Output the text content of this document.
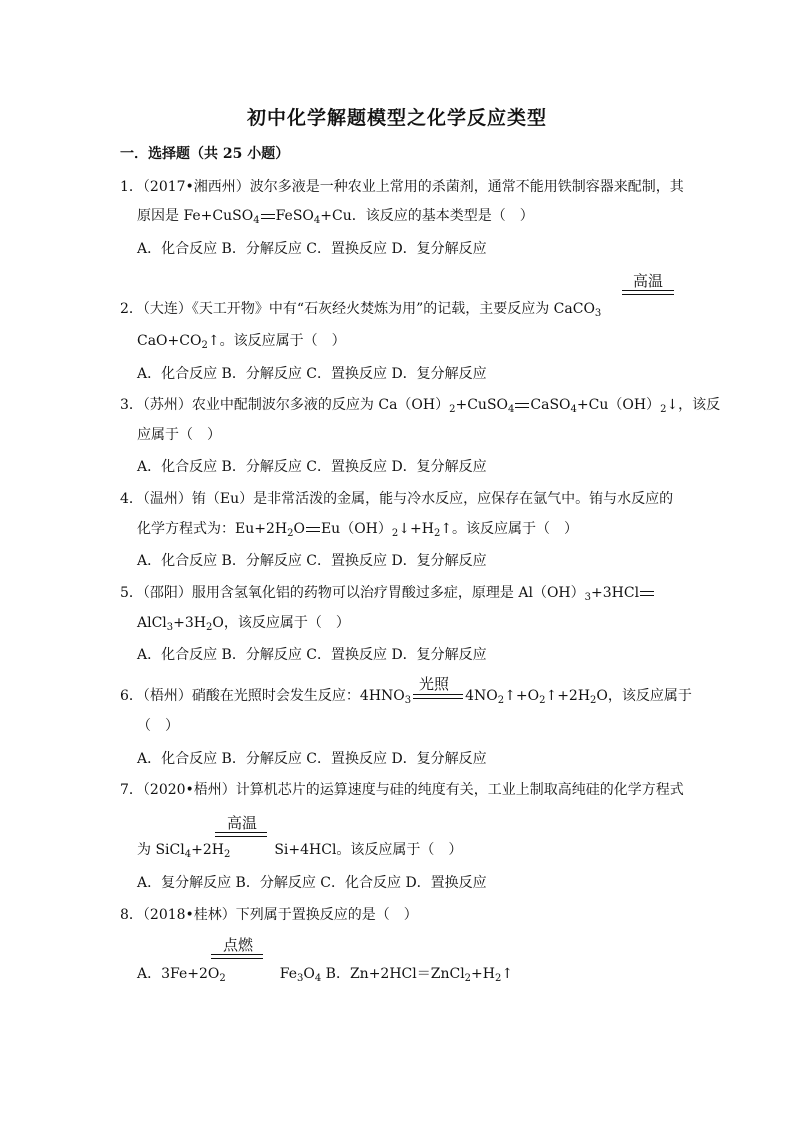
初中化学解题模型之化学反应类型
一．选择题（共 25 小题）
1．（2017•湘西州）波尔多液是一种农业上常用的杀菌剂，通常不能用铁制容器来配制，其
原因是 Fe+CuSO$_4$ FeSO$_4$+Cu．该反应的基本类型是（　）
A．化合反应 B．分解反应 C．置换反应 D．复分解反应
高温
2．（大连）《天工开物》中有“石灰经火焚炼为用”的记载，主要反应为 CaCO$_3$
$CaO+CO_2↑$。该反应属于（　）
A．化合反应 B．分解反应 C．置换反应 D．复分解反应
3．（苏州）农业中配制波尔多液的反应为 $Ca(OH)_2+CuSO_4$ $CaSO_4+Cu(OH)_2↓$，该反
应属于（　）
A．化合反应 B．分解反应 C．置换反应 D．复分解反应
4．（温州）铕（Eu）是非常活泼的金属，能与冷水反应，应保存在氩气中。铕与水反应的
化学方程式为：$Eu+2H_2O$ $Eu(OH)_2↓+H_2↑$。该反应属于（　）
A．化合反应 B．分解反应 C．置换反应 D．复分解反应
5．（邵阳）服用含氢氧化铝的药物可以治疗胃酸过多症，原理是 $Al(OH)_3+3HCl$
$AlCl_3+3H_2O$，该反应属于（　）
A．化合反应 B．分解反应 C．置换反应 D．复分解反应
光照
6．（梧州）硝酸在光照时会发生反应：$4HNO_3$	$4NO_2↑+O_2↑+2H_2O$，该反应属于
（　）
A．化合反应 B．分解反应 C．置换反应 D．复分解反应
7．（2020•梧州）计算机芯片的运算速度与硅的纯度有关，工业上制取高纯硅的化学方程式
高温
为 $SiCl_4+2H_2$	Si+4HCl。该反应属于（　）
A．复分解反应 B．分解反应 C．化合反应 D．置换反应
8．（2018•桂林）下列属于置换反应的是（　）
点燃
A．$3Fe+2O_2$	$Fe_3O_4$ B．$Zn+2HCl=ZnCl_2+H_2↑$
